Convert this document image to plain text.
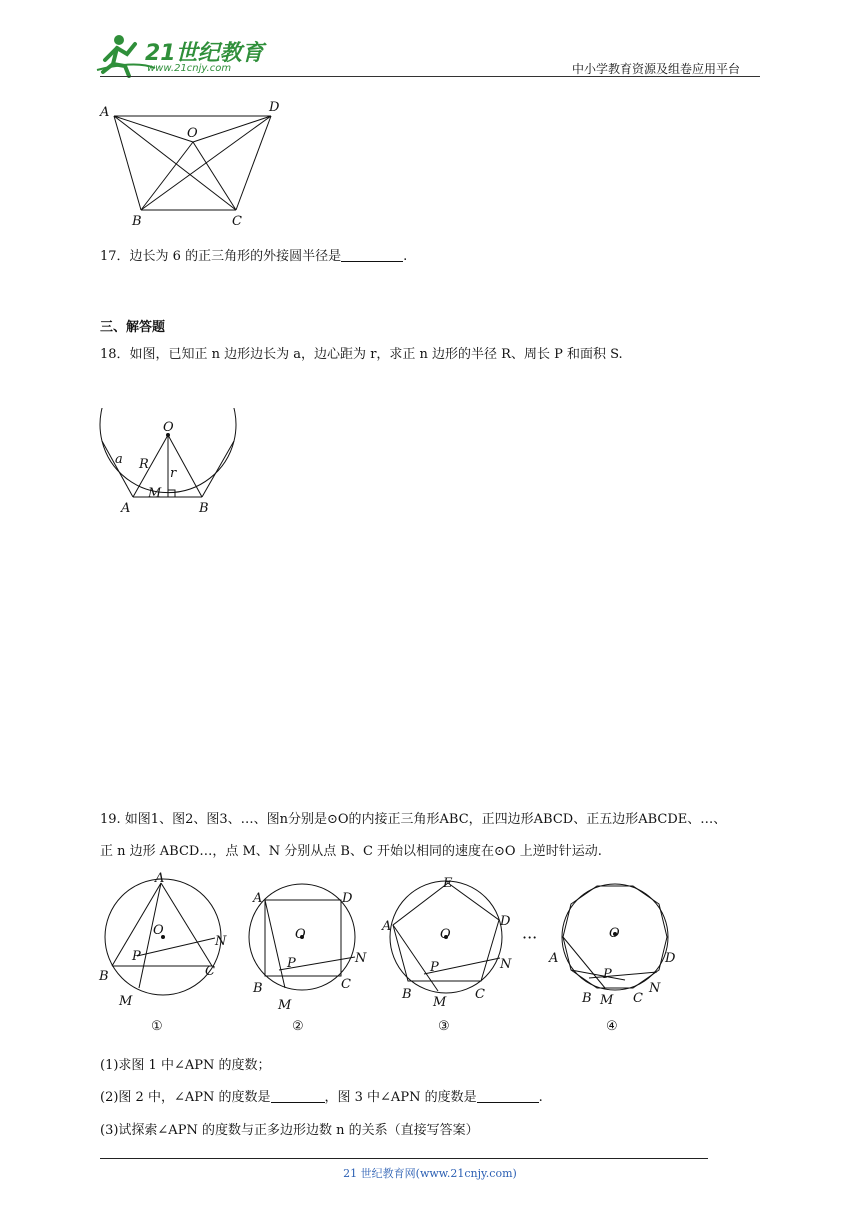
21世纪教育
www.21cnjy.com	中小学教育资源及组卷应用平台
A	D
O
B	C
17．边长为 6 的正三角形的外接圆半径是	.
三、解答题
18．如图，已知正 n 边形边长为 a，边心距为 r，求正 n 边形的半径 R、周长 P 和面积 S.
O
a R
r
M
A	B
19. 如图1、图2、图3、…、图n分别是⊙O的内接正三角形ABC，正四边形ABCD、正五边形ABCDE、…、
正 n 边形 ABCD…，点 M、N 分别从点 B、C 开始以相同的速度在⊙O 上逆时针运动.
A
O
N
P
B	C
M
①
A	D
O
P	N
B	C
M
②
E
A	D
O
P	N
B
M
C
③
···	O
A	D
P
B M C
N
④
(1)求图 1 中∠APN 的度数；
(2)图 2 中，∠APN 的度数是	，图 3 中∠APN 的度数是	.
(3)试探索∠APN 的度数与正多边形边数 n 的关系（直接写答案）
21 世纪教育网(www.21cnjy.com)
